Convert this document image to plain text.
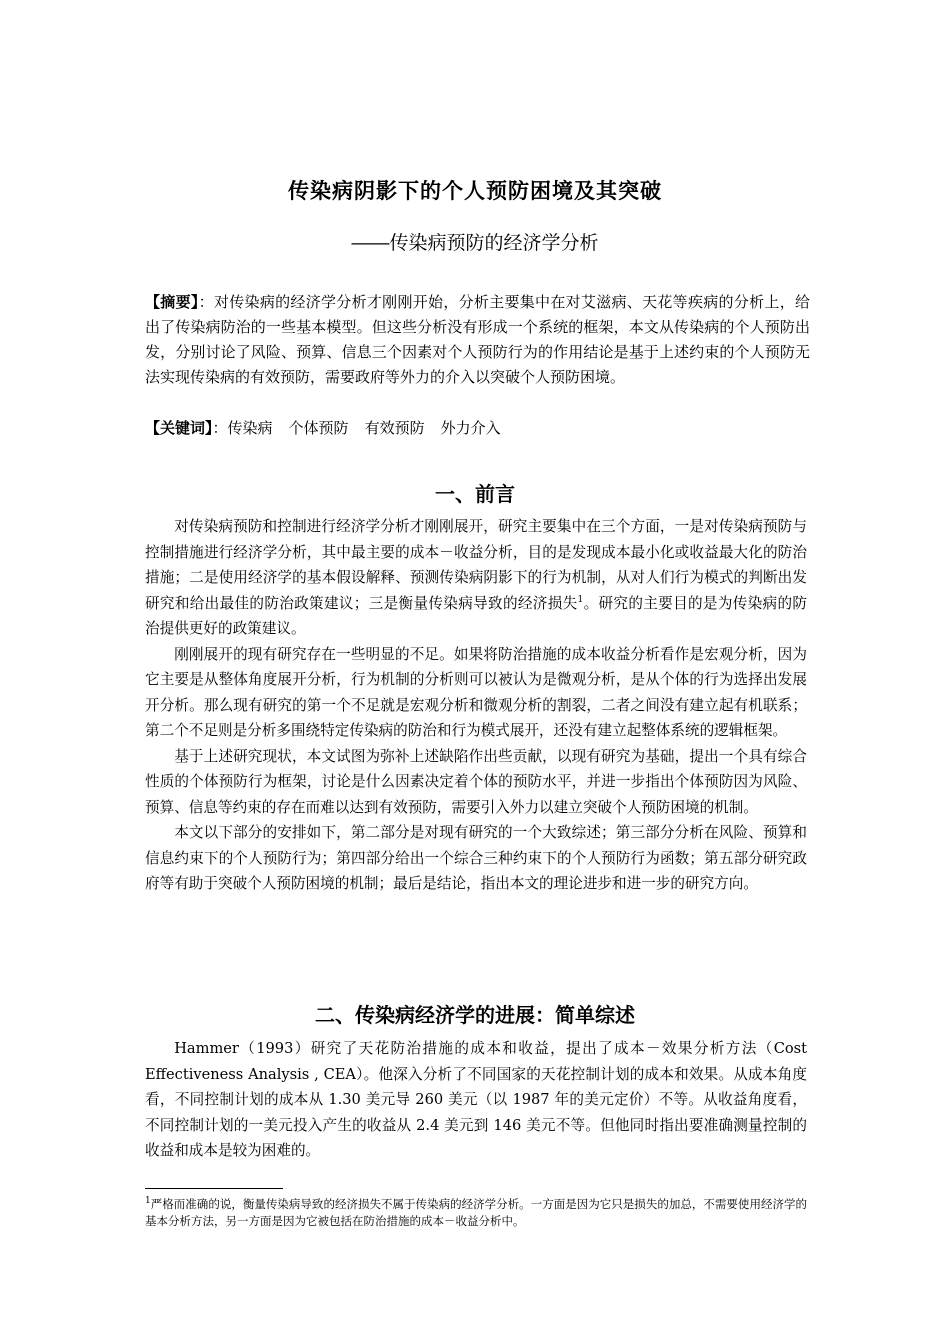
传染病阴影下的个人预防困境及其突破
——传染病预防的经济学分析
【摘要】：对传染病的经济学分析才刚刚开始，分析主要集中在对艾滋病、天花等疾病的分析上，给出了传染病防治的一些基本模型。但这些分析没有形成一个系统的框架，本文从传染病的个人预防出发，分别讨论了风险、预算、信息三个因素对个人预防行为的作用结论是基于上述约束的个人预防无法实现传染病的有效预防，需要政府等外力的介入以突破个人预防困境。
【关键词】：传染病 个体预防 有效预防 外力介入
一、前言

对传染病预防和控制进行经济学分析才刚刚展开，研究主要集中在三个方面，一是对传染病预防与控制措施进行经济学分析，其中最主要的成本－收益分析，目的是发现成本最小化或收益最大化的防治措施；二是使用经济学的基本假设解释、预测传染病阴影下的行为机制，从对人们行为模式的判断出发研究和给出最佳的防治政策建议；三是衡量传染病导致的经济损失$^1$。研究的主要目的是为传染病的防治提供更好的政策建议。

刚刚展开的现有研究存在一些明显的不足。如果将防治措施的成本收益分析看作是宏观分析，因为它主要是从整体角度展开分析，行为机制的分析则可以被认为是微观分析，是从个体的行为选择出发展开分析。那么现有研究的第一个不足就是宏观分析和微观分析的割裂，二者之间没有建立起有机联系；第二个不足则是分析多围绕特定传染病的防治和行为模式展开，还没有建立起整体系统的逻辑框架。

基于上述研究现状，本文试图为弥补上述缺陷作出些贡献，以现有研究为基础，提出一个具有综合性质的个体预防行为框架，讨论是什么因素决定着个体的预防水平，并进一步指出个体预防因为风险、预算、信息等约束的存在而难以达到有效预防，需要引入外力以建立突破个人预防困境的机制。

本文以下部分的安排如下，第二部分是对现有研究的一个大致综述；第三部分分析在风险、预算和信息约束下的个人预防行为；第四部分给出一个综合三种约束下的个人预防行为函数；第五部分研究政府等有助于突破个人预防困境的机制；最后是结论，指出本文的理论进步和进一步的研究方向。

二、传染病经济学的进展：简单综述

Hammer（1993）研究了天花防治措施的成本和收益，提出了成本－效果分析方法（Cost Effectiveness Analysis , CEA）。他深入分析了不同国家的天花控制计划的成本和效果。从成本角度看，不同控制计划的成本从 1.30 美元导 260 美元（以 1987 年的美元定价）不等。从收益角度看，不同控制计划的一美元投入产生的收益从 2.4 美元到 146 美元不等。但他同时指出要准确测量控制的收益和成本是较为困难的。

$^1$严格而准确的说，衡量传染病导致的经济损失不属于传染病的经济学分析。一方面是因为它只是损失的加总，不需要使用经济学的基本分析方法，另一方面是因为它被包括在防治措施的成本－收益分析中。
